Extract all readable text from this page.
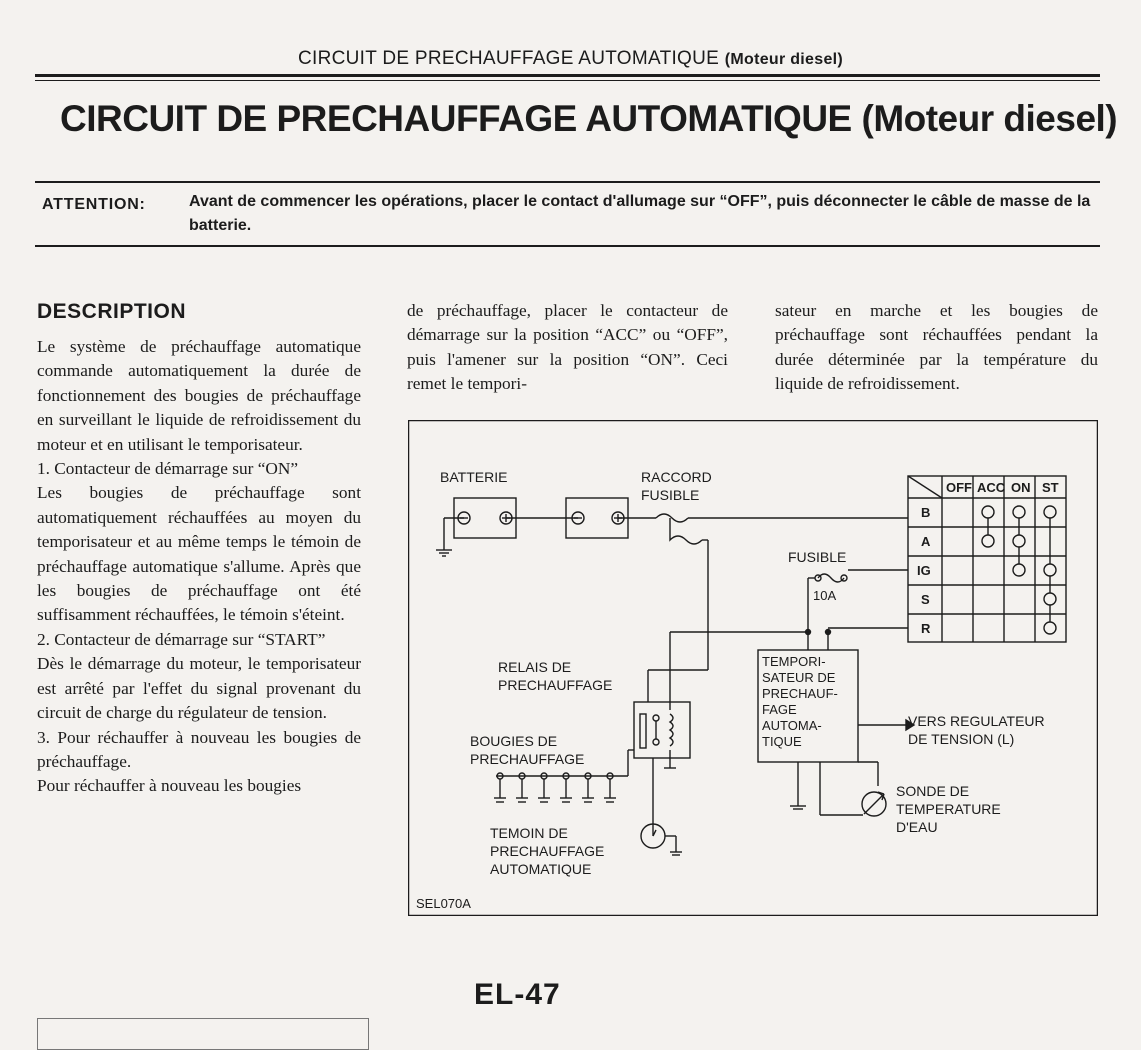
CIRCUIT DE PRECHAUFFAGE AUTOMATIQUE (Moteur diesel)
CIRCUIT DE PRECHAUFFAGE AUTOMATIQUE (Moteur diesel)
ATTENTION:	Avant de commencer les opérations, placer le contact d'allumage sur “OFF”, puis déconnecter le câble de masse de la batterie.
DESCRIPTION

Le système de préchauffage automatique commande automatiquement la durée de fonctionnement des bougies de préchauffage en surveillant le liquide de refroidissement du moteur et en utilisant le temporisateur.

1. Contacteur de démarrage sur “ON”

Les bougies de préchauffage sont automatiquement réchauffées au moyen du temporisateur et au même temps le témoin de préchauffage automatique s'allume. Après que les bougies de préchauffage ont été suffisamment réchauffées, le témoin s'éteint.

2. Contacteur de démarrage sur “START”

Dès le démarrage du moteur, le temporisateur est arrêté par l'effet du signal provenant du circuit de charge du régulateur de tension.

3. Pour réchauffer à nouveau les bougies de préchauffage.

Pour réchauffer à nouveau les bougies

de préchauffage, placer le contacteur de démarrage sur la position “ACC” ou “OFF”, puis l'amener sur la position “ON”. Ceci remet le tempori-

sateur en marche et les bougies de préchauffage sont réchauffées pendant la durée déterminée par la température du liquide de refroidissement.

BATTERIE	RACCORD
FUSIBLE	OFF ACC ON ST
B
A
IG
S
R
FUSIBLE
10A
TEMPORI-
SATEUR DE
PRECHAUF-
FAGE
AUTOMA-
TIQUE
VERS REGULATEUR
DE TENSION (L)
SONDE DE
TEMPERATURE
D'EAU
RELAIS DE
PRECHAUFFAGE
BOUGIES DE
PRECHAUFFAGE
TEMOIN DE
PRECHAUFFAGE
AUTOMATIQUE
SEL070A
EL-47
